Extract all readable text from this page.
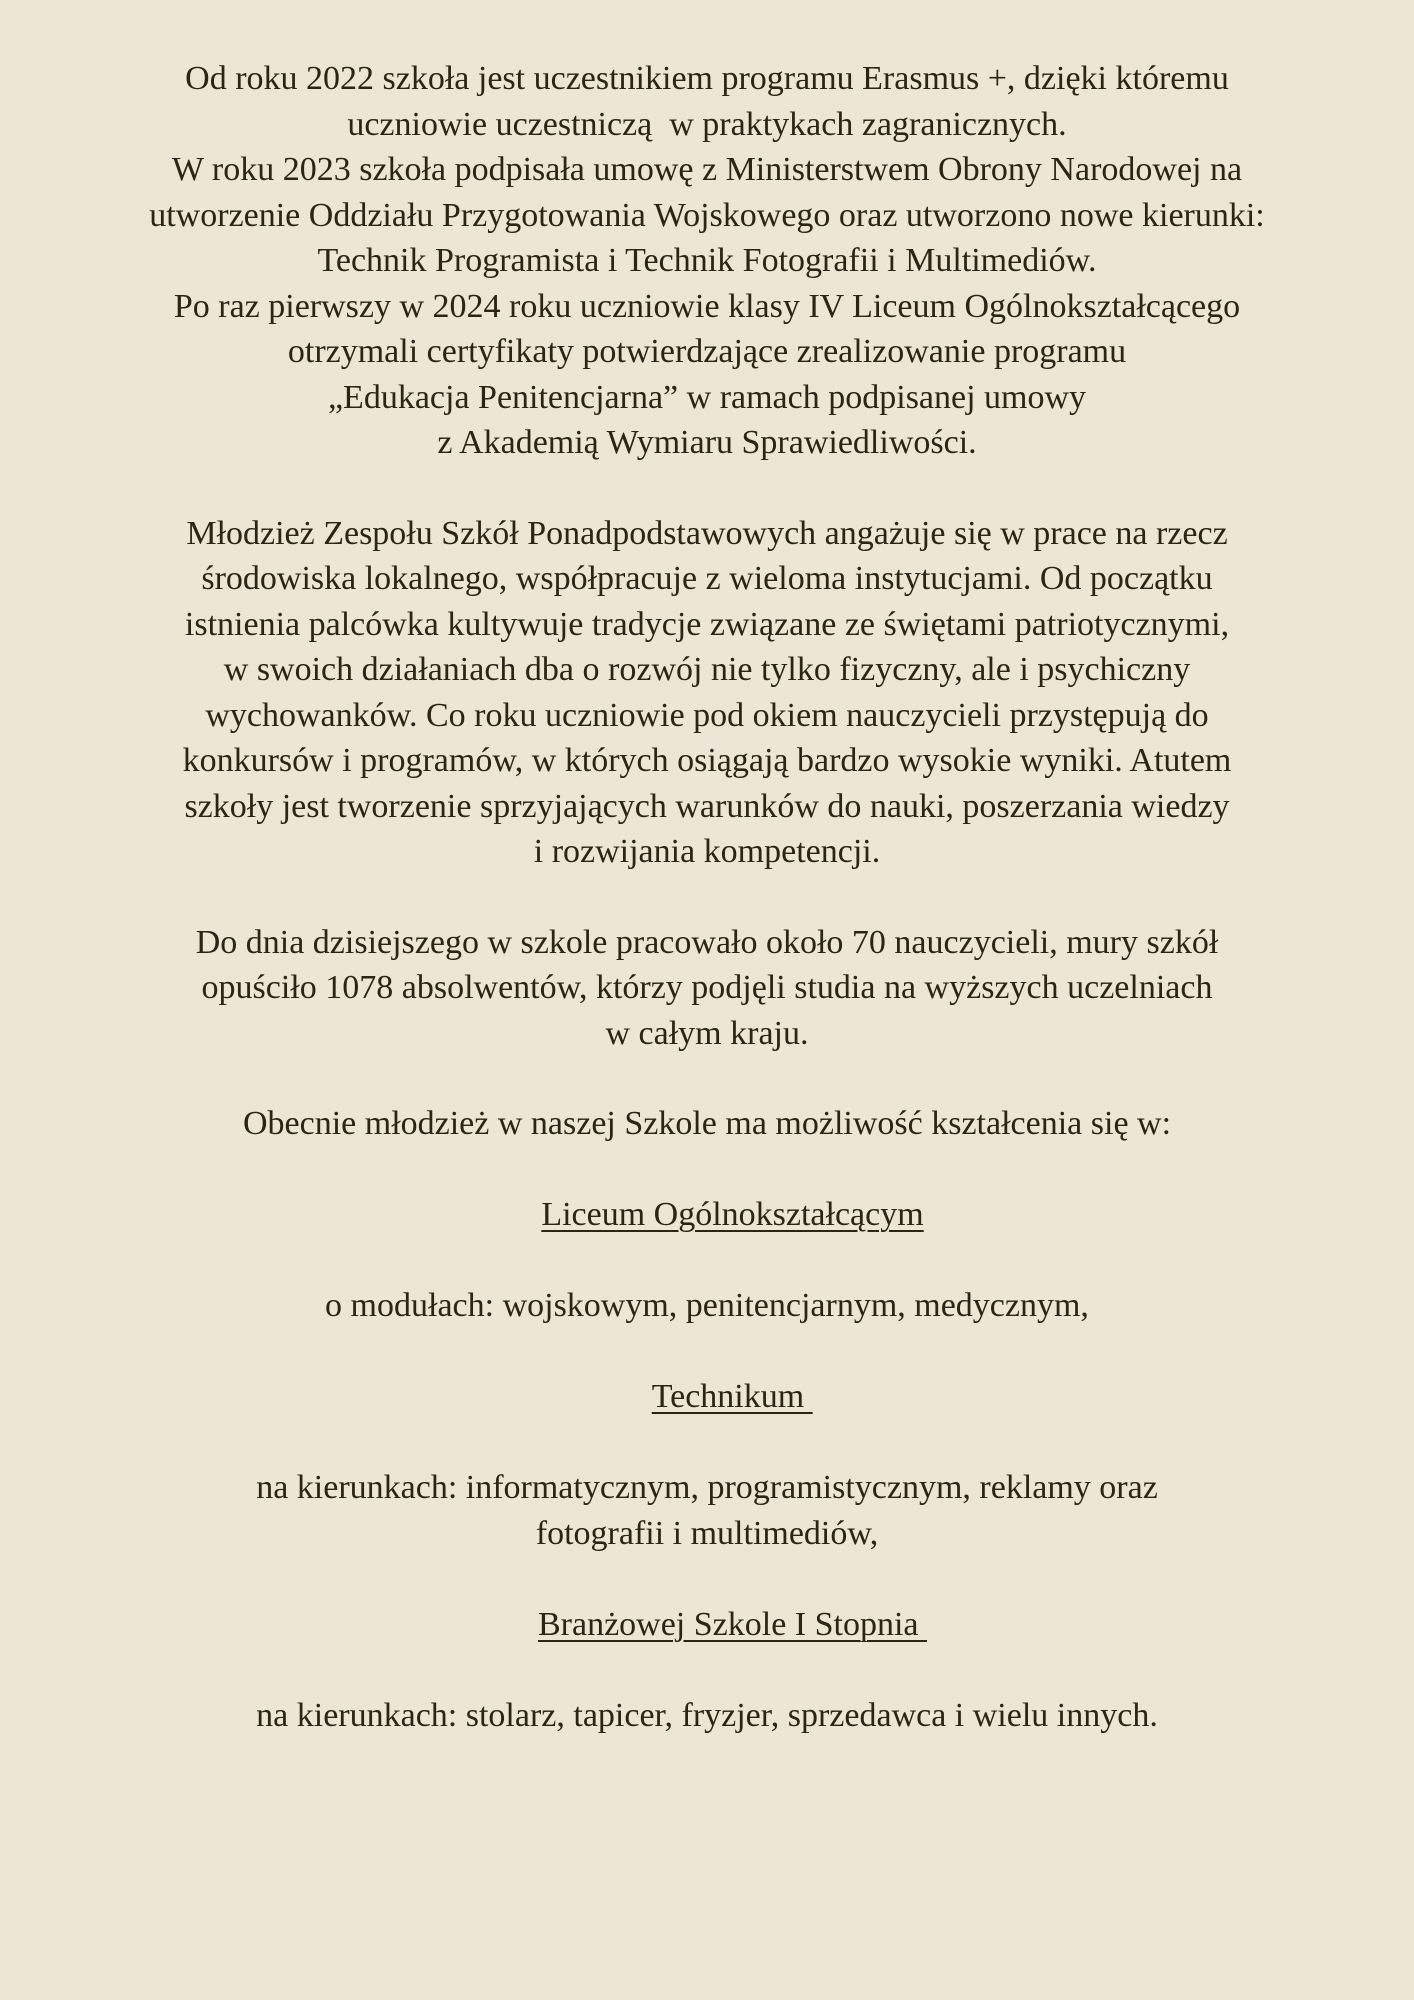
Od roku 2022 szkoła jest uczestnikiem programu Erasmus +, dzięki któremu
uczniowie uczestniczą  w praktykach zagranicznych.
W roku 2023 szkoła podpisała umowę z Ministerstwem Obrony Narodowej na
utworzenie Oddziału Przygotowania Wojskowego oraz utworzono nowe kierunki:
Technik Programista i Technik Fotografii i Multimediów.
Po raz pierwszy w 2024 roku uczniowie klasy IV Liceum Ogólnokształcącego
otrzymali certyfikaty potwierdzające zrealizowanie programu
„Edukacja Penitencjarna” w ramach podpisanej umowy
z Akademią Wymiaru Sprawiedliwości.
Młodzież Zespołu Szkół Ponadpodstawowych angażuje się w prace na rzecz
środowiska lokalnego, współpracuje z wieloma instytucjami. Od początku
istnienia palcówka kultywuje tradycje związane ze świętami patriotycznymi,
w swoich działaniach dba o rozwój nie tylko fizyczny, ale i psychiczny
wychowanków. Co roku uczniowie pod okiem nauczycieli przystępują do
konkursów i programów, w których osiągają bardzo wysokie wyniki. Atutem
szkoły jest tworzenie sprzyjających warunków do nauki, poszerzania wiedzy
i rozwijania kompetencji.
Do dnia dzisiejszego w szkole pracowało około 70 nauczycieli, mury szkół
opuściło 1078 absolwentów, którzy podjęli studia na wyższych uczelniach
w całym kraju.
Obecnie młodzież w naszej Szkole ma możliwość kształcenia się w:

Liceum Ogólnokształcącym

o modułach: wojskowym, penitencjarnym, medycznym,

Technikum

na kierunkach: informatycznym, programistycznym, reklamy oraz
fotografii i multimediów,

Branżowej Szkole I Stopnia

na kierunkach: stolarz, tapicer, fryzjer, sprzedawca i wielu innych.
